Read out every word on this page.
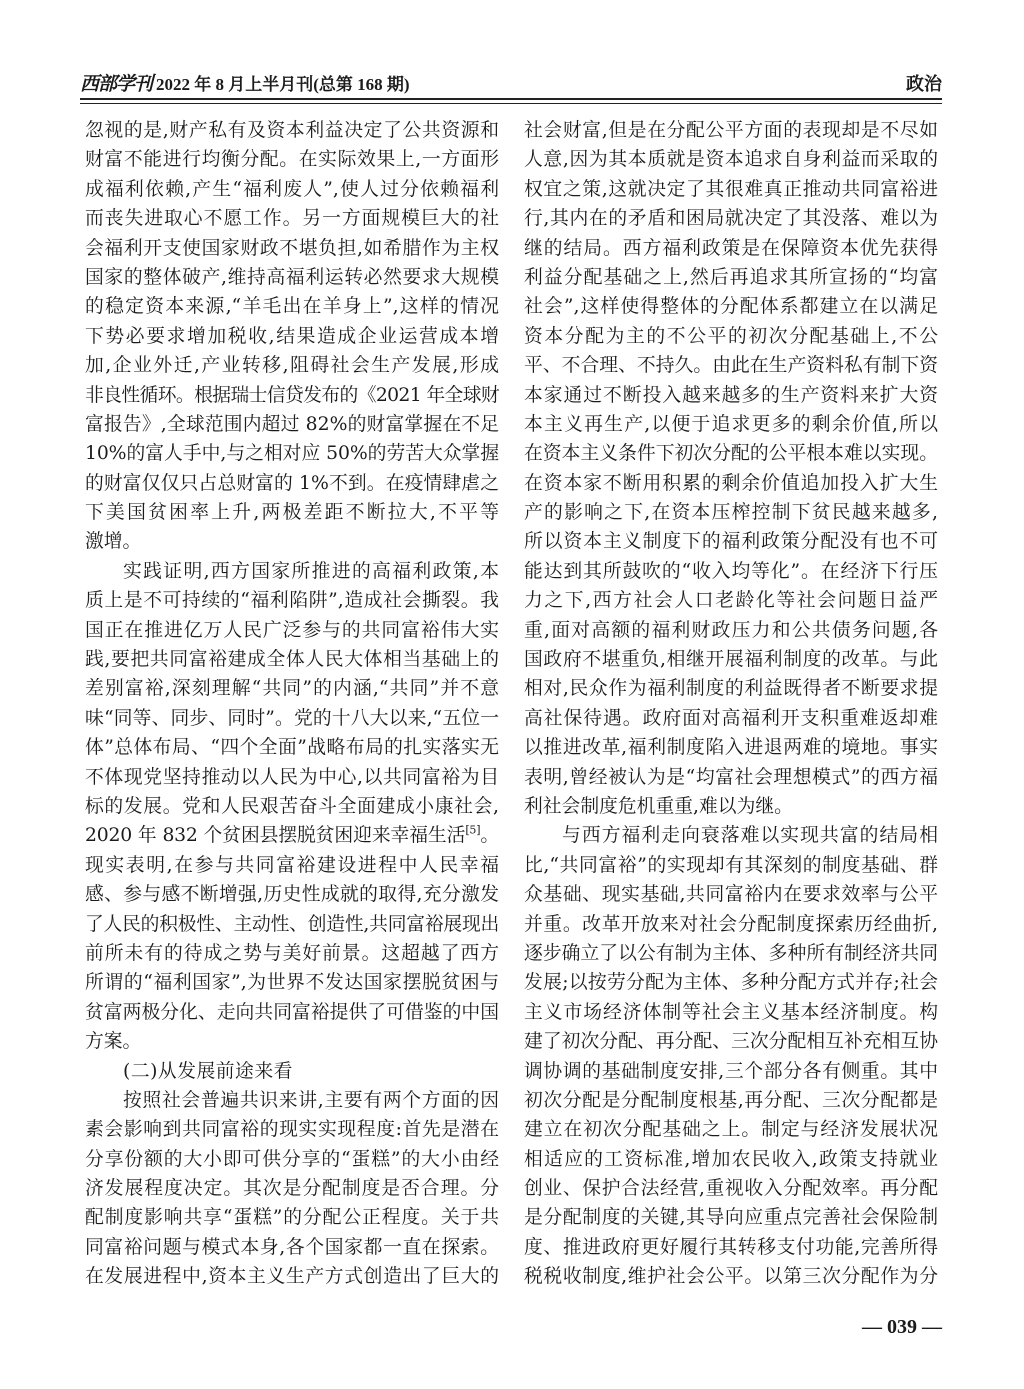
西部学刊 2022 年 8 月上半月刊(总第 168 期)	政治
忽视的是,财产私有及资本利益决定了公共资源和
财富不能进行均衡分配。在实际效果上,一方面形
成福利依赖,产生“福利废人”,使人过分依赖福利
而丧失进取心不愿工作。另一方面规模巨大的社
会福利开支使国家财政不堪负担,如希腊作为主权
国家的整体破产,维持高福利运转必然要求大规模
的稳定资本来源,“羊毛出在羊身上”,这样的情况
下势必要求增加税收,结果造成企业运营成本增
加,企业外迁,产业转移,阻碍社会生产发展,形成
非良性循环。根据瑞士信贷发布的《2021 年全球财
富报告》,全球范围内超过 82%的财富掌握在不足
10%的富人手中,与之相对应 50%的劳苦大众掌握
的财富仅仅只占总财富的 1%不到。在疫情肆虐之
下美国贫困率上升,两极差距不断拉大,不平等
激增。
实践证明,西方国家所推进的高福利政策,本
质上是不可持续的“福利陷阱”,造成社会撕裂。我
国正在推进亿万人民广泛参与的共同富裕伟大实
践,要把共同富裕建成全体人民大体相当基础上的
差别富裕,深刻理解“共同”的内涵,“共同”并不意
味“同等、同步、同时”。党的十八大以来,“五位一
体”总体布局、“四个全面”战略布局的扎实落实无
不体现党坚持推动以人民为中心,以共同富裕为目
标的发展。党和人民艰苦奋斗全面建成小康社会,
2020 年 832 个贫困县摆脱贫困迎来幸福生活[5]。
现实表明,在参与共同富裕建设进程中人民幸福
感、参与感不断增强,历史性成就的取得,充分激发
了人民的积极性、主动性、创造性,共同富裕展现出
前所未有的待成之势与美好前景。这超越了西方
所谓的“福利国家”,为世界不发达国家摆脱贫困与
贫富两极分化、走向共同富裕提供了可借鉴的中国
方案。
(二)从发展前途来看
按照社会普遍共识来讲,主要有两个方面的因
素会影响到共同富裕的现实实现程度:首先是潜在
分享份额的大小即可供分享的“蛋糕”的大小由经
济发展程度决定。其次是分配制度是否合理。分
配制度影响共享“蛋糕”的分配公正程度。关于共
同富裕问题与模式本身,各个国家都一直在探索。
在发展进程中,资本主义生产方式创造出了巨大的
社会财富,但是在分配公平方面的表现却是不尽如
人意,因为其本质就是资本追求自身利益而采取的
权宜之策,这就决定了其很难真正推动共同富裕进
行,其内在的矛盾和困局就决定了其没落、难以为
继的结局。西方福利政策是在保障资本优先获得
利益分配基础之上,然后再追求其所宣扬的“均富
社会”,这样使得整体的分配体系都建立在以满足
资本分配为主的不公平的初次分配基础上,不公
平、不合理、不持久。由此在生产资料私有制下资
本家通过不断投入越来越多的生产资料来扩大资
本主义再生产,以便于追求更多的剩余价值,所以
在资本主义条件下初次分配的公平根本难以实现。
在资本家不断用积累的剩余价值追加投入扩大生
产的影响之下,在资本压榨控制下贫民越来越多,
所以资本主义制度下的福利政策分配没有也不可
能达到其所鼓吹的“收入均等化”。在经济下行压
力之下,西方社会人口老龄化等社会问题日益严
重,面对高额的福利财政压力和公共债务问题,各
国政府不堪重负,相继开展福利制度的改革。与此
相对,民众作为福利制度的利益既得者不断要求提
高社保待遇。政府面对高福利开支积重难返却难
以推进改革,福利制度陷入进退两难的境地。事实
表明,曾经被认为是“均富社会理想模式”的西方福
利社会制度危机重重,难以为继。
与西方福利走向衰落难以实现共富的结局相
比,“共同富裕”的实现却有其深刻的制度基础、群
众基础、现实基础,共同富裕内在要求效率与公平
并重。改革开放来对社会分配制度探索历经曲折,
逐步确立了以公有制为主体、多种所有制经济共同
发展;以按劳分配为主体、多种分配方式并存;社会
主义市场经济体制等社会主义基本经济制度。构
建了初次分配、再分配、三次分配相互补充相互协
调协调的基础制度安排,三个部分各有侧重。其中
初次分配是分配制度根基,再分配、三次分配都是
建立在初次分配基础之上。制定与经济发展状况
相适应的工资标准,增加农民收入,政策支持就业
创业、保护合法经营,重视收入分配效率。再分配
是分配制度的关键,其导向应重点完善社会保险制
度、推进政府更好履行其转移支付功能,完善所得
税税收制度,维护社会公平。以第三次分配作为分
— 039 —
